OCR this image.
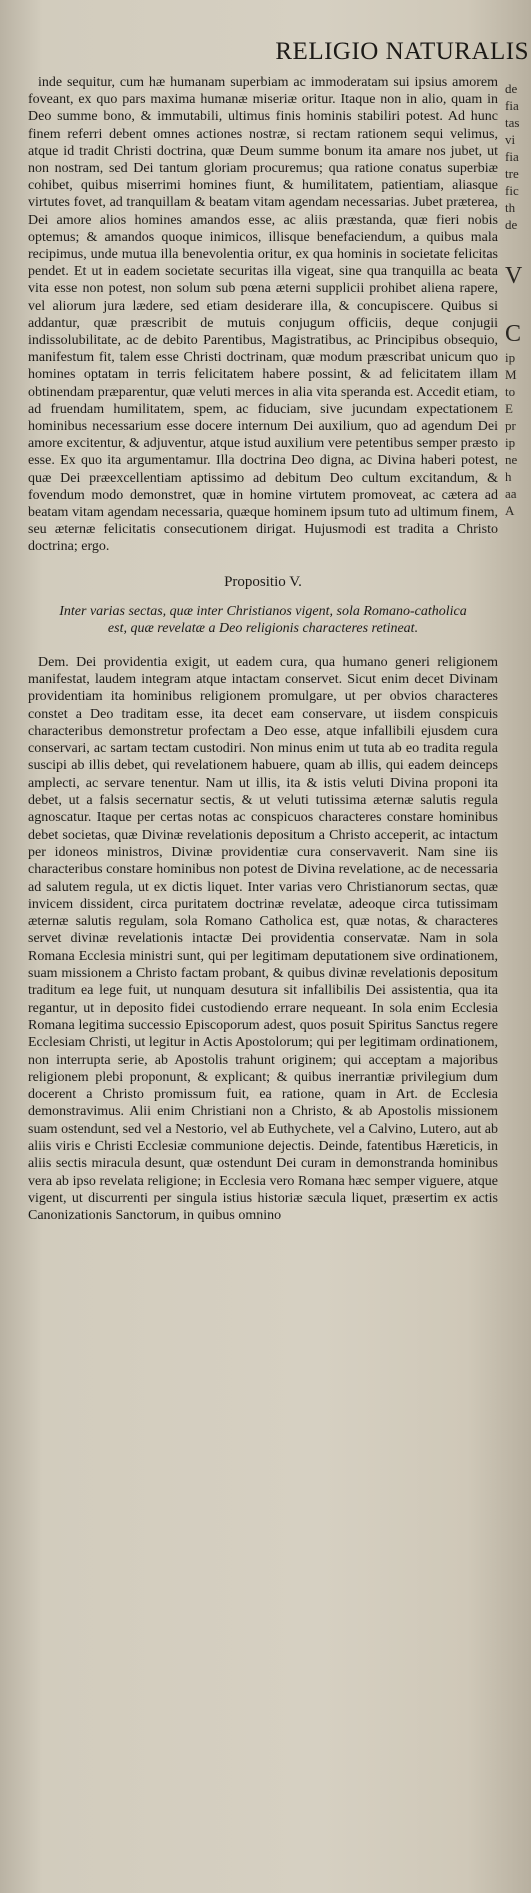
RELIGIO NATURALIS

inde sequitur, cum hæ humanam superbiam ac immoderatam sui ipsius amorem foveant, ex quo pars maxima humanæ miseriæ oritur. Itaque non in alio, quam in Deo summe bono, & immutabili, ultimus finis hominis stabiliri potest. Ad hunc finem referri debent omnes actiones nostræ, si rectam rationem sequi velimus, atque id tradit Christi doctrina, quæ Deum summe bonum ita amare nos jubet, ut non nostram, sed Dei tantum gloriam procuremus; qua ratione conatus superbiæ cohibet, quibus miserrimi homines fiunt, & humilitatem, patientiam, aliasque virtutes fovet, ad tranquillam & beatam vitam agendam necessarias. Jubet præterea, Dei amore alios homines amandos esse, ac aliis præstanda, quæ fieri nobis optemus; & amandos quoque inimicos, illisque benefaciendum, a quibus mala recipimus, unde mutua illa benevolentia oritur, ex qua hominis in societate felicitas pendet. Et ut in eadem societate securitas illa vigeat, sine qua tranquilla ac beata vita esse non potest, non solum sub pœna æterni supplicii prohibet aliena rapere, vel aliorum jura lædere, sed etiam desiderare illa, & concupiscere. Quibus si addantur, quæ præscribit de mutuis conjugum officiis, deque conjugii indissolubilitate, ac de debito Parentibus, Magistratibus, ac Principibus obsequio, manifestum fit, talem esse Christi doctrinam, quæ modum præscribat unicum quo homines optatam in terris felicitatem habere possint, & ad felicitatem illam obtinendam præparentur, quæ veluti merces in alia vita speranda est. Accedit etiam, ad fruendam humilitatem, spem, ac fiduciam, sive jucundam expectationem hominibus necessarium esse docere internum Dei auxilium, quo ad agendum Dei amore excitentur, & adjuventur, atque istud auxilium vere petentibus semper præsto esse. Ex quo ita argumentamur. Illa doctrina Deo digna, ac Divina haberi potest, quæ Dei præexcellentiam aptissimo ad debitum Deo cultum excitandum, & fovendum modo demonstret, quæ in homine virtutem promoveat, ac cætera ad beatam vitam agendam necessaria, quæque hominem ipsum tuto ad ultimum finem, seu æternæ felicitatis consecutionem dirigat. Hujusmodi est tradita a Christo doctrina; ergo.

Propositio V.
Inter varias sectas, quæ inter Christianos vigent, sola Romano-catholica est, quæ revelatæ a Deo religionis characteres retineat.

Dem. Dei providentia exigit, ut eadem cura, qua humano generi religionem manifestat, laudem integram atque intactam conservet. Sicut enim decet Divinam providentiam ita hominibus religionem promulgare, ut per obvios characteres constet a Deo traditam esse, ita decet eam conservare, ut iisdem conspicuis characteribus demonstretur profectam a Deo esse, atque infallibili ejusdem cura conservari, ac sartam tectam custodiri. Non minus enim ut tuta ab eo tradita regula suscipi ab illis debet, qui revelationem habuere, quam ab illis, qui eadem deinceps amplecti, ac servare tenentur. Nam ut illis, ita & istis veluti Divina proponi ita debet, ut a falsis secernatur sectis, & ut veluti tutissima æternæ salutis regula agnoscatur. Itaque per certas notas ac conspicuos characteres constare hominibus debet societas, quæ Divinæ revelationis depositum a Christo acceperit, ac intactum per idoneos ministros, Divinæ providentiæ cura conservaverit. Nam sine iis characteribus constare hominibus non potest de Divina revelatione, ac de necessaria ad salutem regula, ut ex dictis liquet. Inter varias vero Christianorum sectas, quæ invicem dissident, circa puritatem doctrinæ revelatæ, adeoque circa tutissimam æternæ salutis regulam, sola Romano Catholica est, quæ notas, & characteres servet divinæ revelationis intactæ Dei providentia conservatæ. Nam in sola Romana Ecclesia ministri sunt, qui per legitimam deputationem sive ordinationem, suam missionem a Christo factam probant, & quibus divinæ revelationis depositum traditum ea lege fuit, ut nunquam desutura sit infallibilis Dei assistentia, qua ita regantur, ut in deposito fidei custodiendo errare nequeant. In sola enim Ecclesia Romana legitima successio Episcoporum adest, quos posuit Spiritus Sanctus regere Ecclesiam Christi, ut legitur in Actis Apostolorum; qui per legitimam ordinationem, non interrupta serie, ab Apostolis trahunt originem; qui acceptam a majoribus religionem plebi proponunt, & explicant; & quibus inerrantiæ privilegium dum docerent a Christo promissum fuit, ea ratione, quam in Art. de Ecclesia demonstravimus. Alii enim Christiani non a Christo, & ab Apostolis missionem suam ostendunt, sed vel a Nestorio, vel ab Euthychete, vel a Calvino, Lutero, aut ab aliis viris e Christi Ecclesiæ communione dejectis. Deinde, fatentibus Hæreticis, in aliis sectis miracula desunt, quæ ostendunt Dei curam in demonstranda hominibus vera ab ipso revelata religione; in Ecclesia vero Romana hæc semper viguere, atque vigent, ut discurrenti per singula istius historiæ sæcula liquet, præsertim ex actis Canonizationis Sanctorum, in quibus omnino

de
fia
tas
vi
fia
tre
fic
th
de
V
C
ip
M
to
E
pr
ip
ne
h
aa
A
